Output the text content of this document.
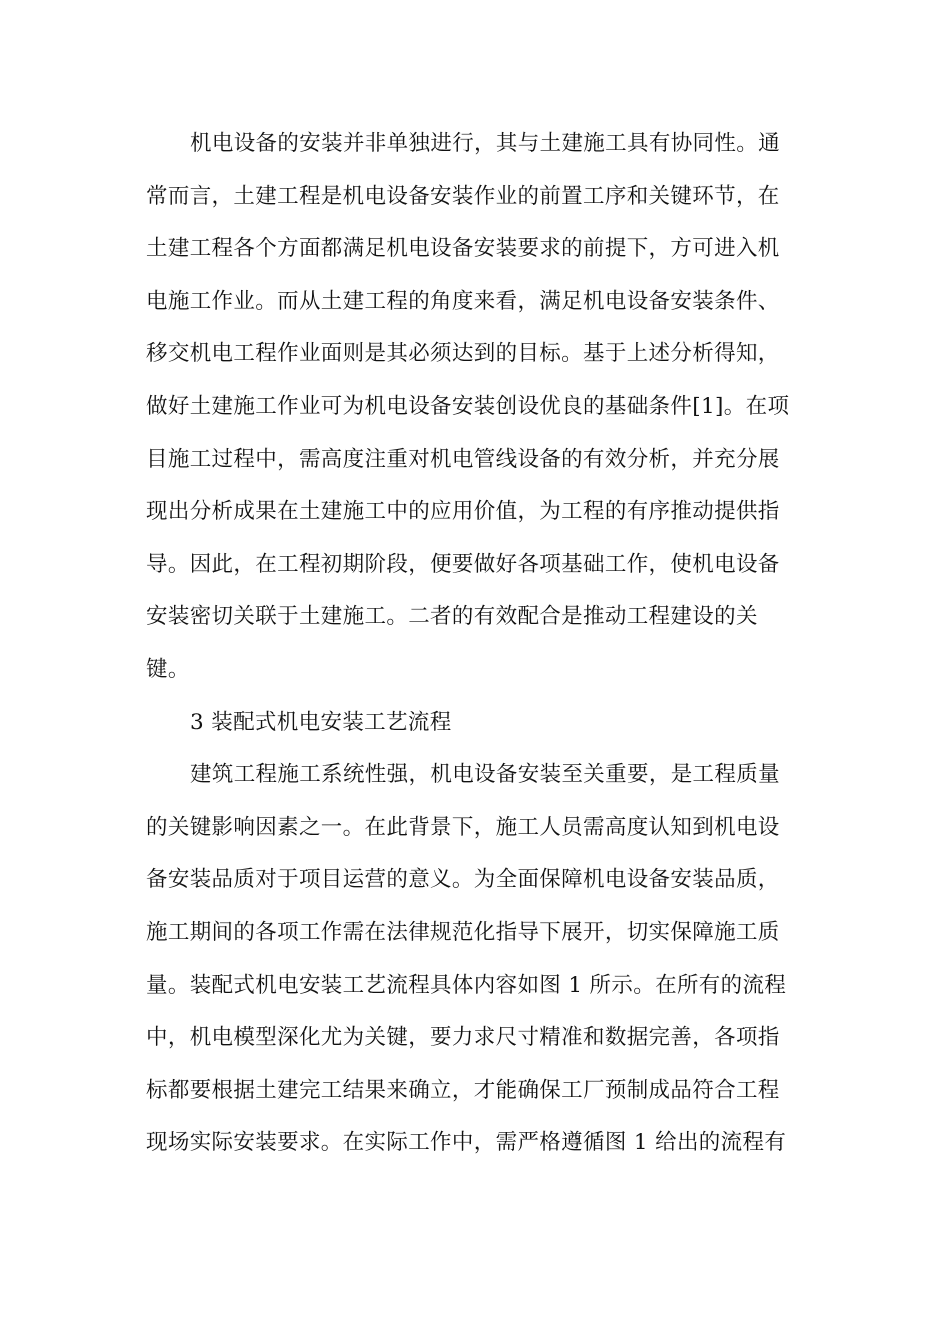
机电设备的安装并非单独进行，其与土建施工具有协同性。通
常而言，土建工程是机电设备安装作业的前置工序和关键环节，在
土建工程各个方面都满足机电设备安装要求的前提下，方可进入机
电施工作业。而从土建工程的角度来看，满足机电设备安装条件、
移交机电工程作业面则是其必须达到的目标。基于上述分析得知，
做好土建施工作业可为机电设备安装创设优良的基础条件[1]。在项
目施工过程中，需高度注重对机电管线设备的有效分析，并充分展
现出分析成果在土建施工中的应用价值，为工程的有序推动提供指
导。因此，在工程初期阶段，便要做好各项基础工作，使机电设备
安装密切关联于土建施工。二者的有效配合是推动工程建设的关
键。
3 装配式机电安装工艺流程
建筑工程施工系统性强，机电设备安装至关重要，是工程质量
的关键影响因素之一。在此背景下，施工人员需高度认知到机电设
备安装品质对于项目运营的意义。为全面保障机电设备安装品质，
施工期间的各项工作需在法律规范化指导下展开，切实保障施工质
量。装配式机电安装工艺流程具体内容如图 1 所示。在所有的流程
中，机电模型深化尤为关键，要力求尺寸精准和数据完善，各项指
标都要根据土建完工结果来确立，才能确保工厂预制成品符合工程
现场实际安装要求。在实际工作中，需严格遵循图 1 给出的流程有
